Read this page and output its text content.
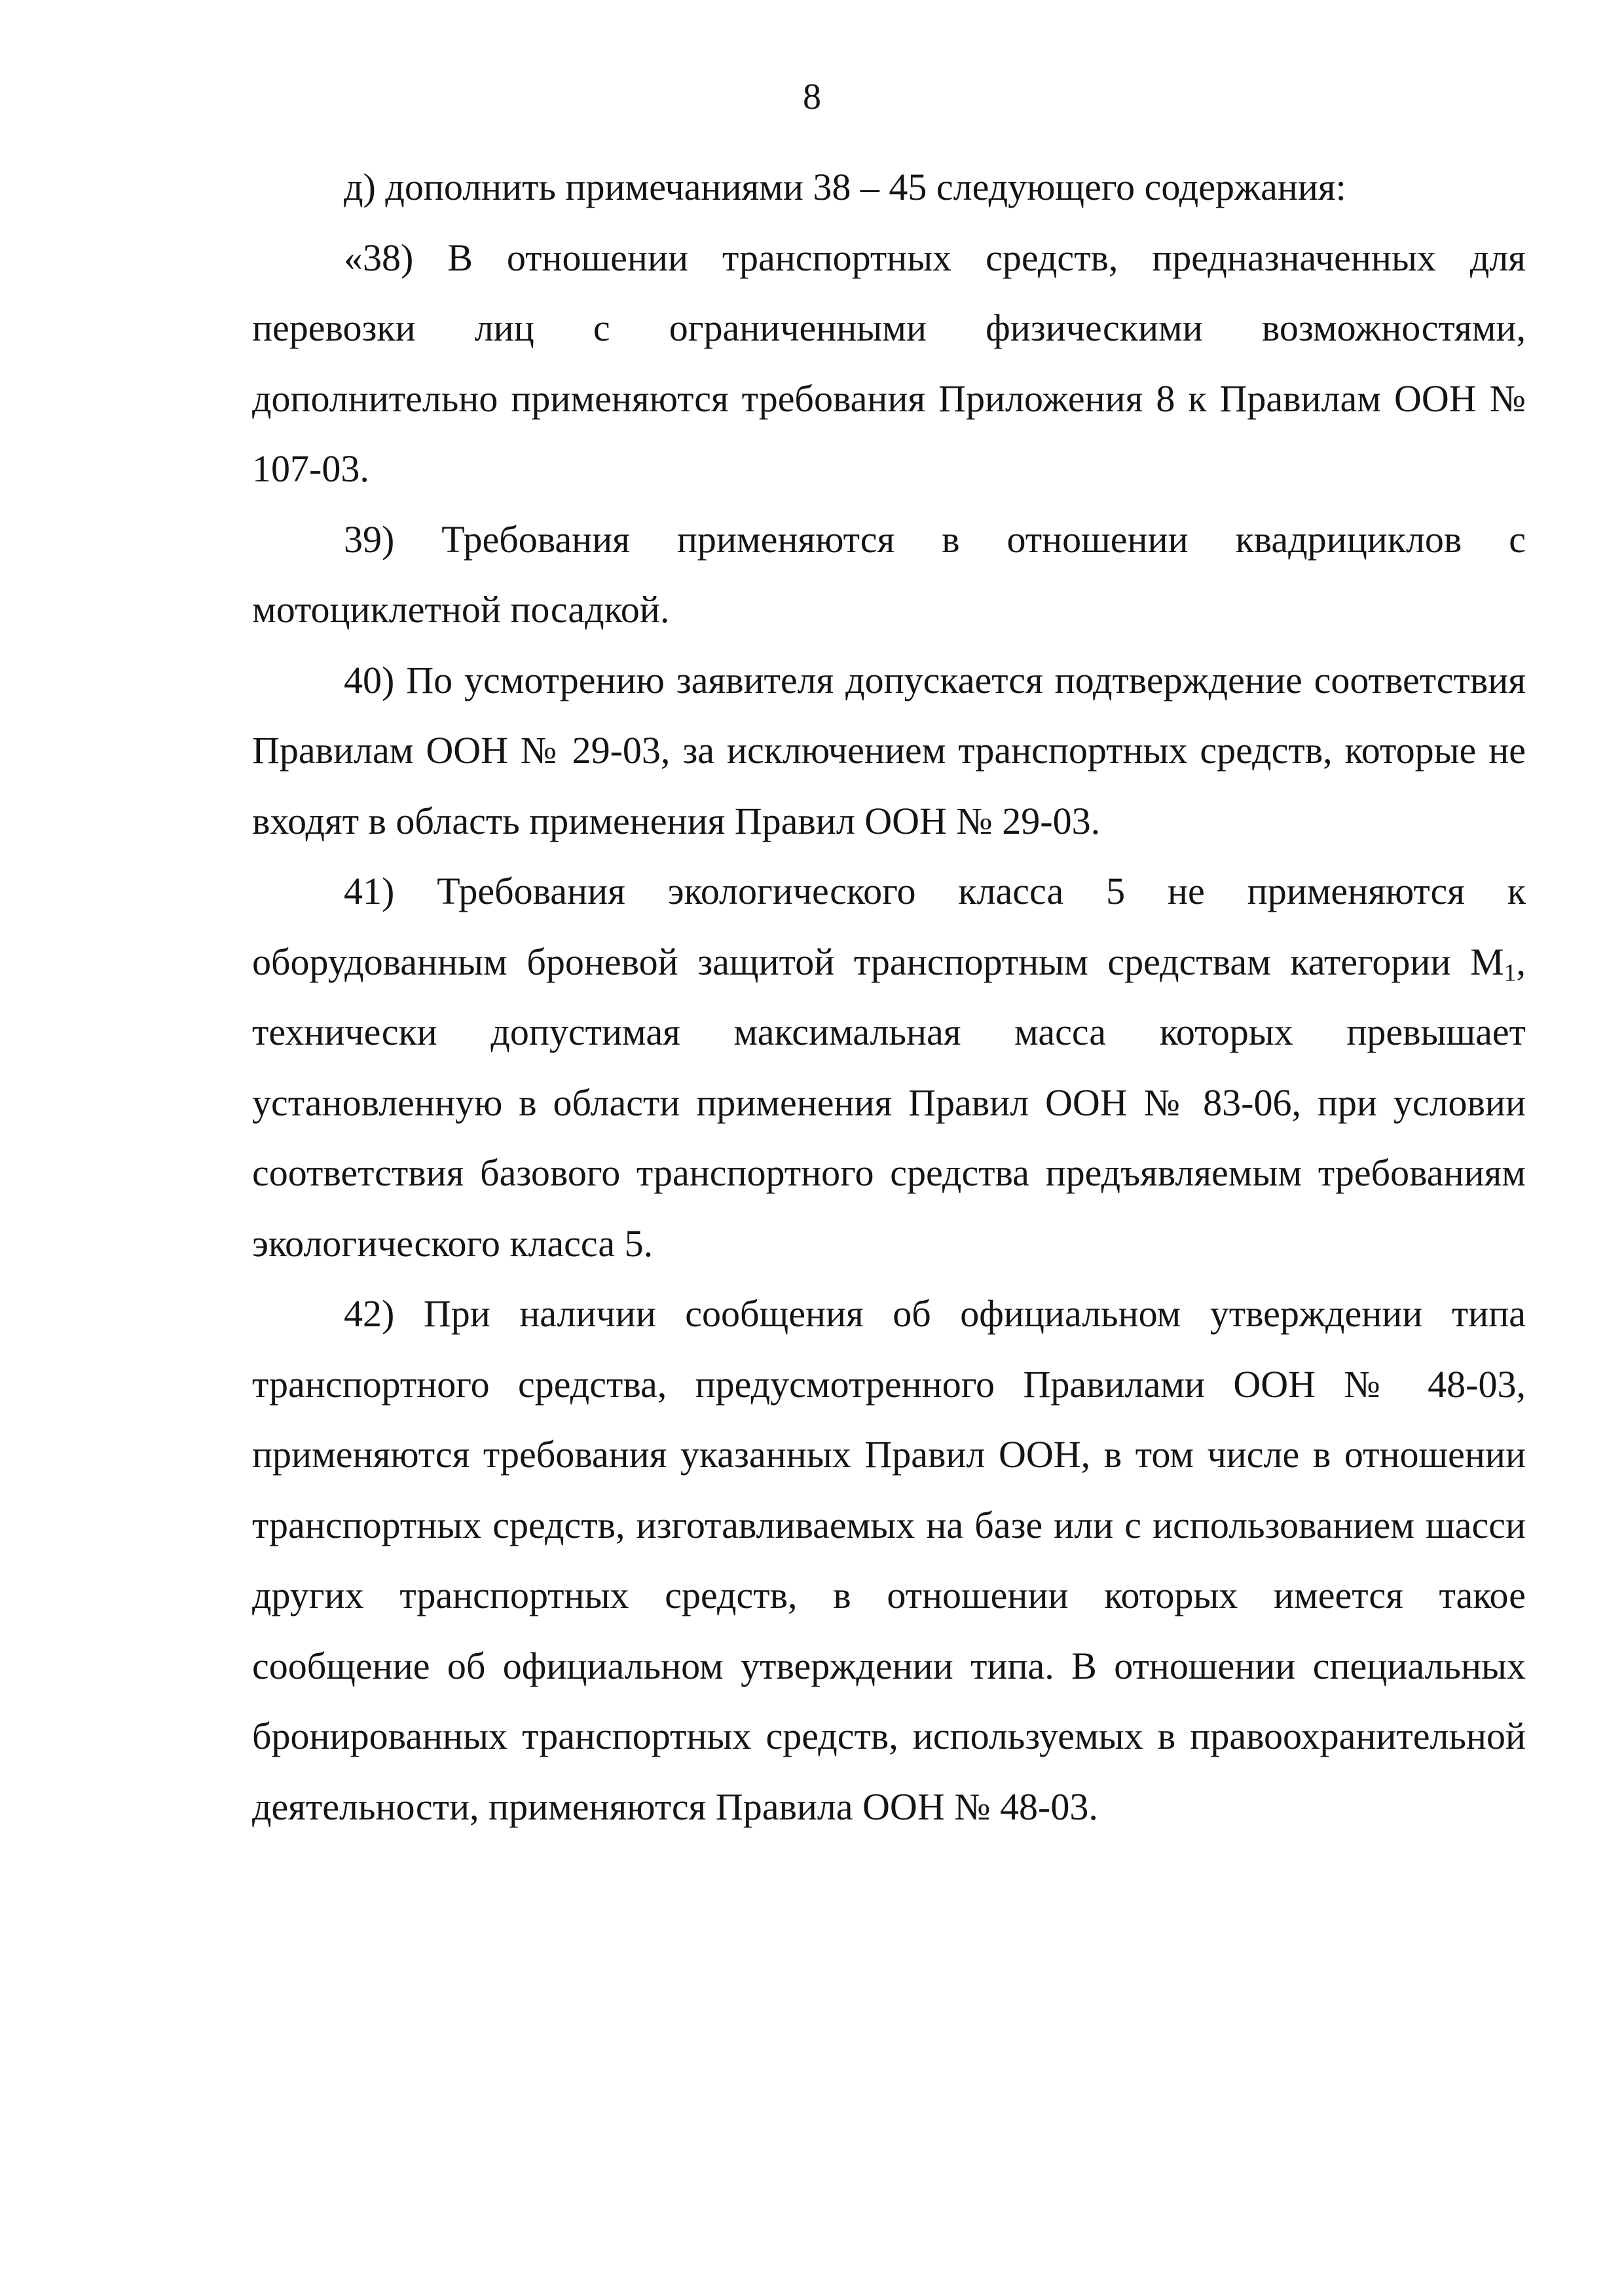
8

д) дополнить примечаниями 38 – 45 следующего содержания:

«38) В отношении транспортных средств, предназначенных для перевозки лиц с ограниченными физическими возможностями, дополнительно применяются требования Приложения 8 к Правилам ООН № 107-03.

39) Требования применяются в отношении квадрициклов с мотоциклетной посадкой.

40) По усмотрению заявителя допускается подтверждение соответствия Правилам ООН № 29-03, за исключением транспортных средств, которые не входят в область применения Правил ООН № 29-03.

41) Требования экологического класса 5 не применяются к оборудованным броневой защитой транспортным средствам категории $М_1$, технически допустимая максимальная масса которых превышает установленную в области применения Правил ООН № 83-06, при условии соответствия базового транспортного средства предъявляемым требованиям экологического класса 5.

42) При наличии сообщения об официальном утверждении типа транспортного средства, предусмотренного Правилами ООН № 48-03, применяются требования указанных Правил ООН, в том числе в отношении транспортных средств, изготавливаемых на базе или с использованием шасси других транспортных средств, в отношении которых имеется такое сообщение об официальном утверждении типа. В отношении специальных бронированных транспортных средств, используемых в правоохранительной деятельности, применяются Правила ООН № 48-03.
